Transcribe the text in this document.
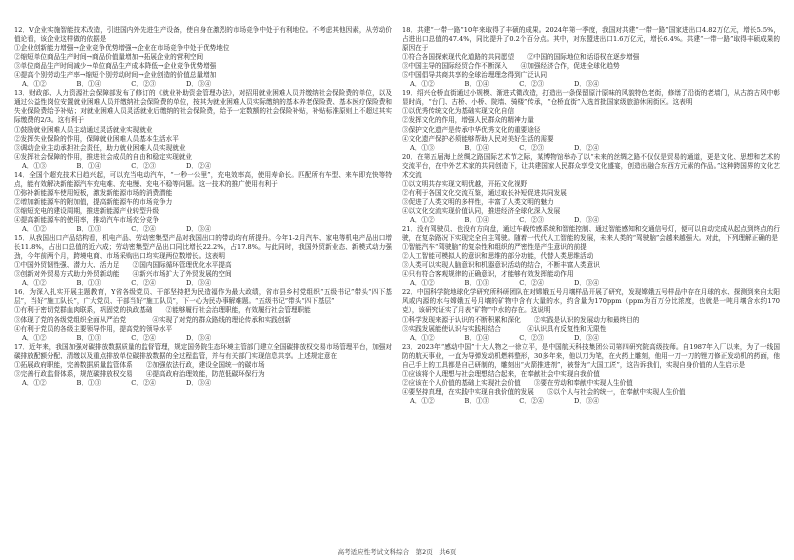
12．V企业实施智能技术改造，引进国内外先进生产设备，使自身在激烈的市场竞争中处于有利地位。不考虑其他因素，从劳动价值论看，该企业这样做的依据是

①企业创新能力增强→企业竞争优势增强→企业在市场竞争中处于优势地位

②缩短单位商品生产时间→商品价值量增加→拓展企业的营利空间

③单位商品生产时间减少→单位商品生产成本降低→企业竞争优势增强

④提高个别劳动生产率→缩短个别劳动时间→企业创造的价值总量增加

A．①②	B．①④	C．②③	D．③④

13．财政部、人力资源社会保障部发布了修订的《就业补助资金管理办法》，对招用就业困难人员并缴纳社会保险费的单位，以及通过公益性岗位安置就业困难人员并缴纳社会保险费的单位，按其为就业困难人员实际缴纳的基本养老保险费、基本医疗保险费和失业保险费给予补贴；对就业困难人员灵活就业后缴纳的社会保险费，给予一定数额的社会保险补贴，补贴标准原则上不超过其实际缴费的2/3。这有利于

①鼓励就业困难人员主动通过灵活就业实现就业

②发挥失业保险的作用，保障就业困难人员基本生活水平

③调动企业主动承担社会责任，助力就业困难人员实现就业

④发挥社会保障的作用，推进社会成员的自由和稳定实现就业

A．①③	B．①④	C．②③	D．②④

14．全国个超充技术日趋兴起，可以充当电动汽车，“一秒一公里”，充电效率高，使用寿命长。匹配所有车型、来车即充快等特点，能有效解决新能源汽车充电难、充电慢、充电不稳等问题。这一技术的推广使用有利于

①弥补新能源车使用短板，激发新能源市场的消费潜能

②增加新能源车的附加值，提高新能源车的市场竞争力

③缩短充电的建设周期，推进新能源产业转型升级

④提高新能源车的使用率，推动汽车市场充分竞争

A．①②	B．①③	C．②④	D．③④

15．从我国出口产品结构看，机电产品、劳动密集型产品对我国出口的带动均有所提升。今年1-2月汽车、家电等机电产品出口增长11.8%，占出口总值的近六成；劳动密集型产品出口同比增长22.2%，占17.8%。与此同时，我国外贸新业态、新模式动力强劲，今年前两个月，跨境电商、市场采购出口均实现两位数增长。这表明

①中国外贸韧性强、潜力大、活力足　　②国内国际循环管理优化水平提高

③创新对外贸易方式助力外贸新动能　　④新兴市场扩大了外贸发展的空间

A．①②	B．①③	C．②④	D．③④

16．为深入扎实开展主题教育，Y省各级党员、干部坚持把为民造福作为最大政绩，省市县乡村党组织“五级书记”带头“四下基层”，当好“施工队长”，广大党员、干部当好“施工队员”，下一心为民办事解难题。“五级书记”带头“四下基层”

①有利于密切党群血肉联系，巩固党的执政基础　　②能够履行社会治理职能，有效履行社会管理职能

③体现了党的各级党组织全面从严治党　　　　④实现了对党的群众路线的理论传承和实践创新

④有利于党员的各级主要领导作用，提高党的领导水平

A．①②	B．①③	C．②④	D．③④

17．近年来，我国加强对碳排放数据质量的监督管理，规定国务院生态环境主管部门建立全国碳排放权交易市场管理平台，加强对碳排放配额分配、清缴以及重点排放单位碳排放数据的全过程监管，并与有关部门实现信息共享。上述规定意在

①拓展政府职能，完善数据质量监管体系　　②加强依法行政，建设全国统一的碳市场

③完善行政监督体系，规范碳排放权交易　　④提高政府治理效能，防范低碳环保行为

A．①②	B．①③	C．②④	D．③④

18．共建“一带一路”10年来取得了丰硕的成果。2024年第一季度，我国对共建“一带一路”国家进出口4.82万亿元，增长5.5%，占进出口总值的47.4%，同比提升了0.2个百分点。其中，对东盟进出口1.6万亿元，增长6.4%。共建“一带一路”取得丰硕成果的原因在于

①符合各国探索现代化道路的共同愿望　　②中国的国际地位和话语权在逐步增强

③中国主导的国际经贸合作不断深入　　④加强经济合作，促进全球化趋势

⑤中国倡导共商共享的全球治理理念得到广泛认同

A．①②	B．①④	C．②③	D．③④

19．绍兴仓桥直街通过小规模、渐进式微改造，打造出一条保留原汁原味的风貌特色老街，修缮了沿街的老墙门，从古韵古风中彰显时尚，“台门、古桥、小桥、院墙、骑楼”传承，“仓桥直街”入选首批国家级旅游休闲街区。这表明

①以优秀传统文化为基础实现文化自信

②发挥文化的作用，增强人民群众的精神力量

③保护文化遗产是传承中华优秀文化的重要途径

④文化遗产保护必须能够帮助人民对美好生活的需要

A．①③	B．①④	C．②③	D．②④

20．在第五届海上丝绸之路国际艺术节之际，某博物馆举办了以“未来的丝绸之路不仅仅是贸易的通道，更是文化、思想和艺术的交流平台，在中外艺术家的共同创造下，让共建国家人民群众享受文化盛宴，创造出融合东西方元素的作品。”这种跨国界的文化艺术交流

①以文明共存实现文明优越，开拓文化视野

②有利于各国文化交流互鉴，通过取长补短促进共同发展

③促进了人类文明的多样性，丰富了人类文明的魅力

④以文化交流实现价值认同，推进经济全球化深入发展

A．①②	B．①④	C．②③	D．③④

21．没有驾驶员、也没有方向盘，通过车载传感系统和智能控制、通过智能感知和交通信号灯，便可以自动完成从起点到终点的行驶，在复杂路况下实现完全自主驾驶。随着一代代人工智能的发展，未来人类的“驾驶脑”会越来越强大。对此，下列理解正确的是

①智能汽车“驾驶脑”的复杂性和组织的严密性是产生意识的前提

②人工智能可模拟人的意识和思维的部分功能，代替人类思维活动

③人类可以实现人脑意识和机器意识活动的结合，不断丰富人类意识

④只有符合客观规律的正确意识，才能够有效发挥能动作用

A．①②	B．①③	C．②④	D．③④

22．中国科学院地球化学研究所科研团队在对嫦娥五号月壤样品开展了研究，发现嫦娥五号样品中存在月球的水、探测到来自太阳风或内源的水与嫦娥五号月壤的矿物中含有大量的水，约含量为170ppm（ppm为百万分比浓度，也就是一吨月壤含水约170克），该研究证实了月表“矿物”中水的存在。这说明

①科学发现来源于认识的不断积累和深化　　②实践是认识的发展动力和最终目的

③实践发展能使认识与实践相结合　　　　④认识具有反复性和无限性

A．①②	B．①④	C．②③	D．③④

23．2023年“感动中国”十大人物之一徐立平，是中国航天科技集团公司第四研究院高级技师。自1987年入厂以来，为了一线国防的航天事业，一直为导弹发动机燃料整形，30多年来，他以刀为笔，在火药上雕刻，他用一刀一刀的锉刀修正发动机的药面，他自己手上的工具都是自己研制的，雕刻出“火箭推进剂”，被誉为“大国工匠”，这告诉我们，实现自身价值的人生启示是

①应该将个人理想与社会理想结合起来，在奉献社会中实现自我价值

②应该在个人价值的基础上实现社会价值　　③要在劳动和奉献中实现人生价值

④要坚持真理，在实践中实现自我价值的发展　　⑤以个人与社会的统一，在奉献中实现人生价值

A．①②	B．①③	C．②④	D．③④
高考适应性考试文科综合　第2页　共6页
